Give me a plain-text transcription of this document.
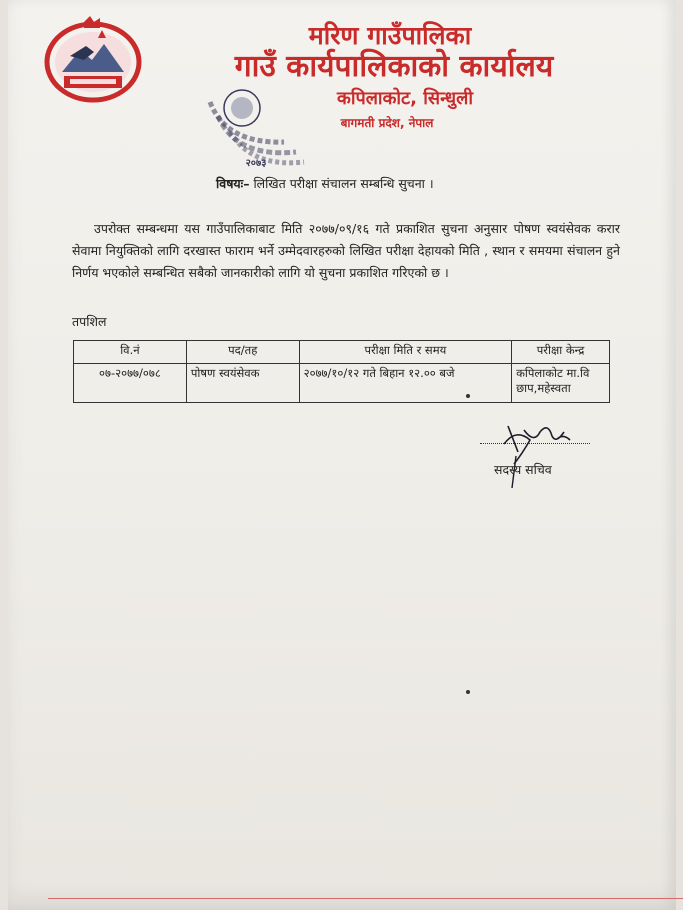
मरिण गाउँपालिका
गाउँ कार्यपालिकाको कार्यालय
कपिलाकोट, सिन्धुली
बागमती प्रदेश, नेपाल
२०७३
विषयः– लिखित परीक्षा संचालन सम्बन्धि सुचना ।
उपरोक्त सम्बन्धमा यस गाउँपालिकाबाट मिति २०७७/०९/१६ गते प्रकाशित सुचना अनुसार पोषण स्वयंसेवक करार सेवामा नियुक्तिको लागि दरखास्त फाराम भर्ने उम्मेदवारहरुको लिखित परीक्षा देहायको मिति , स्थान र समयमा संचालन हुने निर्णय भएकोले सम्बन्धित सबैको जानकारीको लागि यो सुचना प्रकाशित गरिएको छ ।
तपशिल
वि.नं	पद/तह	परीक्षा मिति र समय	परीक्षा केन्द्र
०७-२०७७/०७८	पोषण स्वयंसेवक	२०७७/१०/१२ गते बिहान १२.०० बजे	कपिलाकोट मा.वि छाप,महेस्वता
सदस्य सचिव
